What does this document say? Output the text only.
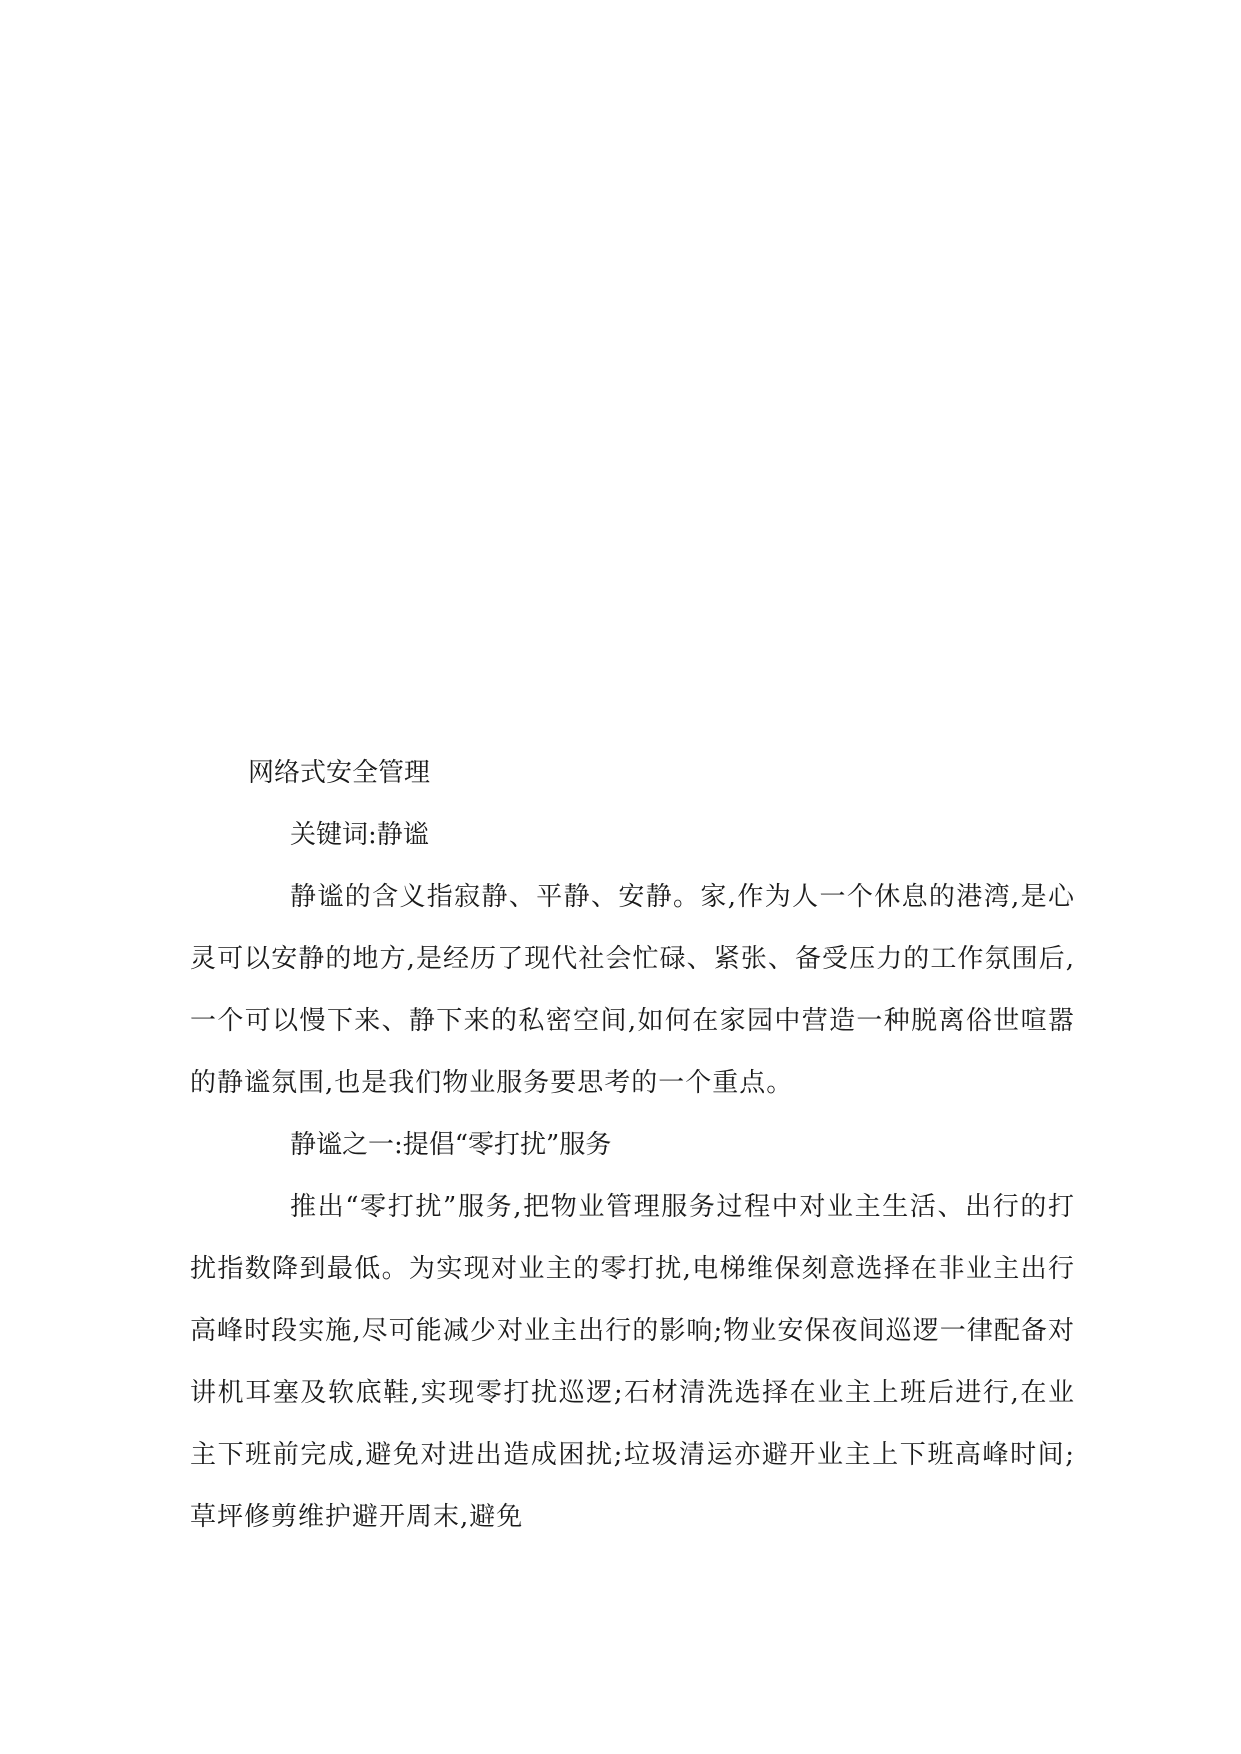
网络式安全管理

关键词:静谧

静谧的含义指寂静、平静、安静。家,作为人一个休息的港湾,是心灵可以安静的地方,是经历了现代社会忙碌、紧张、备受压力的工作氛围后,一个可以慢下来、静下来的私密空间,如何在家园中营造一种脱离俗世喧嚣的静谧氛围,也是我们物业服务要思考的一个重点。

静谧之一:提倡“零打扰”服务

推出“零打扰”服务,把物业管理服务过程中对业主生活、出行的打扰指数降到最低。为实现对业主的零打扰,电梯维保刻意选择在非业主出行高峰时段实施,尽可能减少对业主出行的影响;物业安保夜间巡逻一律配备对讲机耳塞及软底鞋,实现零打扰巡逻;石材清洗选择在业主上班后进行,在业主下班前完成,避免对进出造成困扰;垃圾清运亦避开业主上下班高峰时间;草坪修剪维护避开周末,避免
